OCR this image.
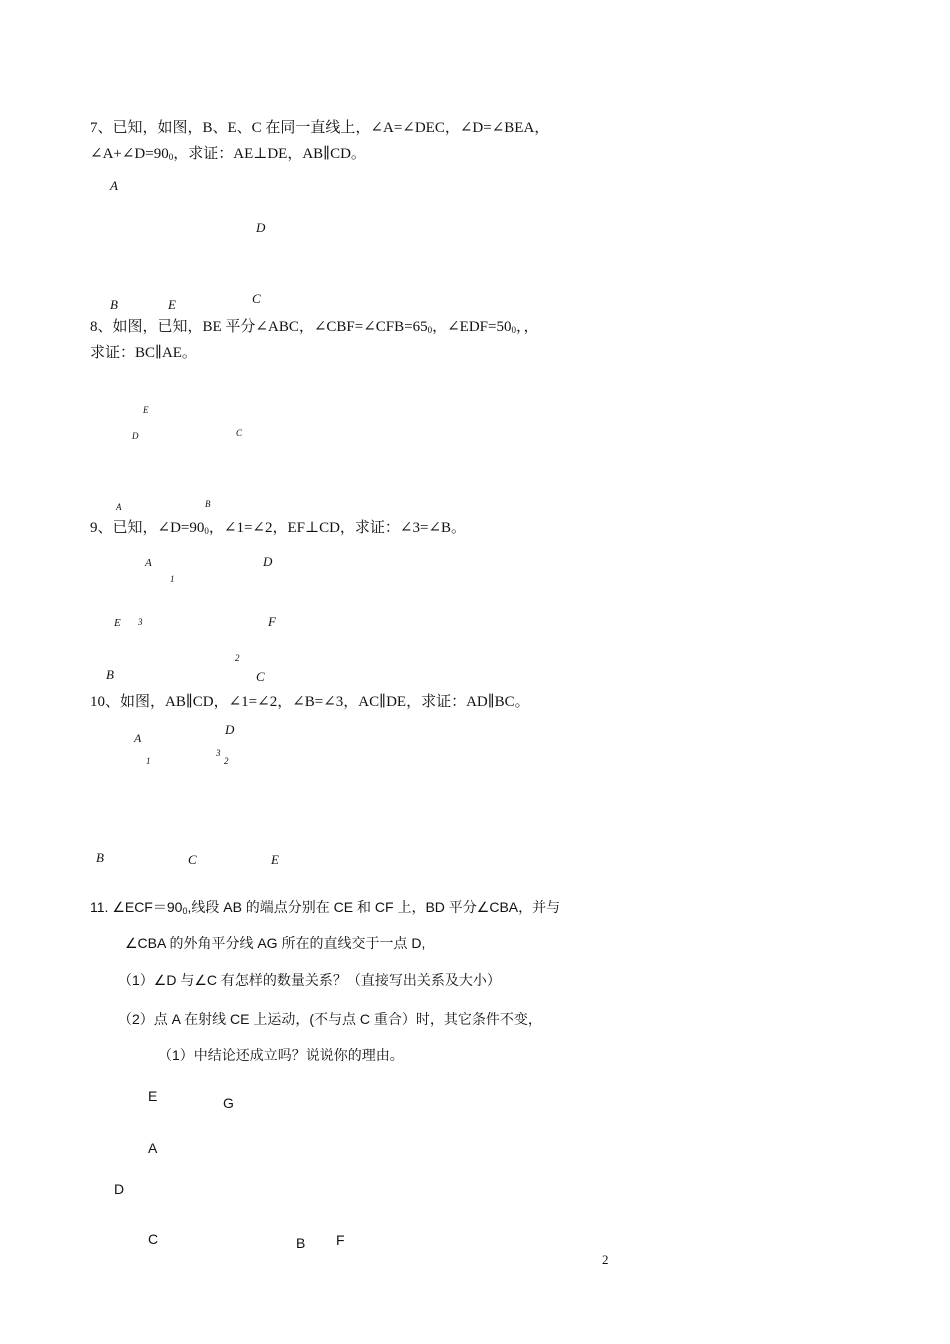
7、已知，如图，B、E、C 在同一直线上，∠A=∠DEC，∠D=∠BEA，
$\angle A+\angle D=90^0$，求证：AE⊥DE，AB∥CD。
A
D
B	E	C
8、如图，已知，BE 平分∠ABC，$\angle CBF=\angle CFB=65^0$，$\angle EDF=50^0$，，
求证：BC∥AE。
E
D	C
A	B
9、已知，$\angle D=90^0$，∠1=∠2，EF⊥CD，求证：∠3=∠B。
A
1
D
E 3	F
2
B	C
10、如图，AB∥CD，∠1=∠2，∠B=∠3，AC∥DE，求证：AD∥BC。
A
D
1
3
2
B	C	E
11. $\angle ECF=90^0$,线段 AB 的端点分别在 CE 和 CF 上，BD 平分∠CBA，并与
∠CBA 的外角平分线 AG 所在的直线交于一点 D,
（1）∠D 与∠C 有怎样的数量关系？（直接写出关系及大小）
（2）点 A 在射线 CE 上运动，(不与点 C 重合）时，其它条件不变，
（1）中结论还成立吗？说说你的理由。
E	G
A
D
C	B F
2
